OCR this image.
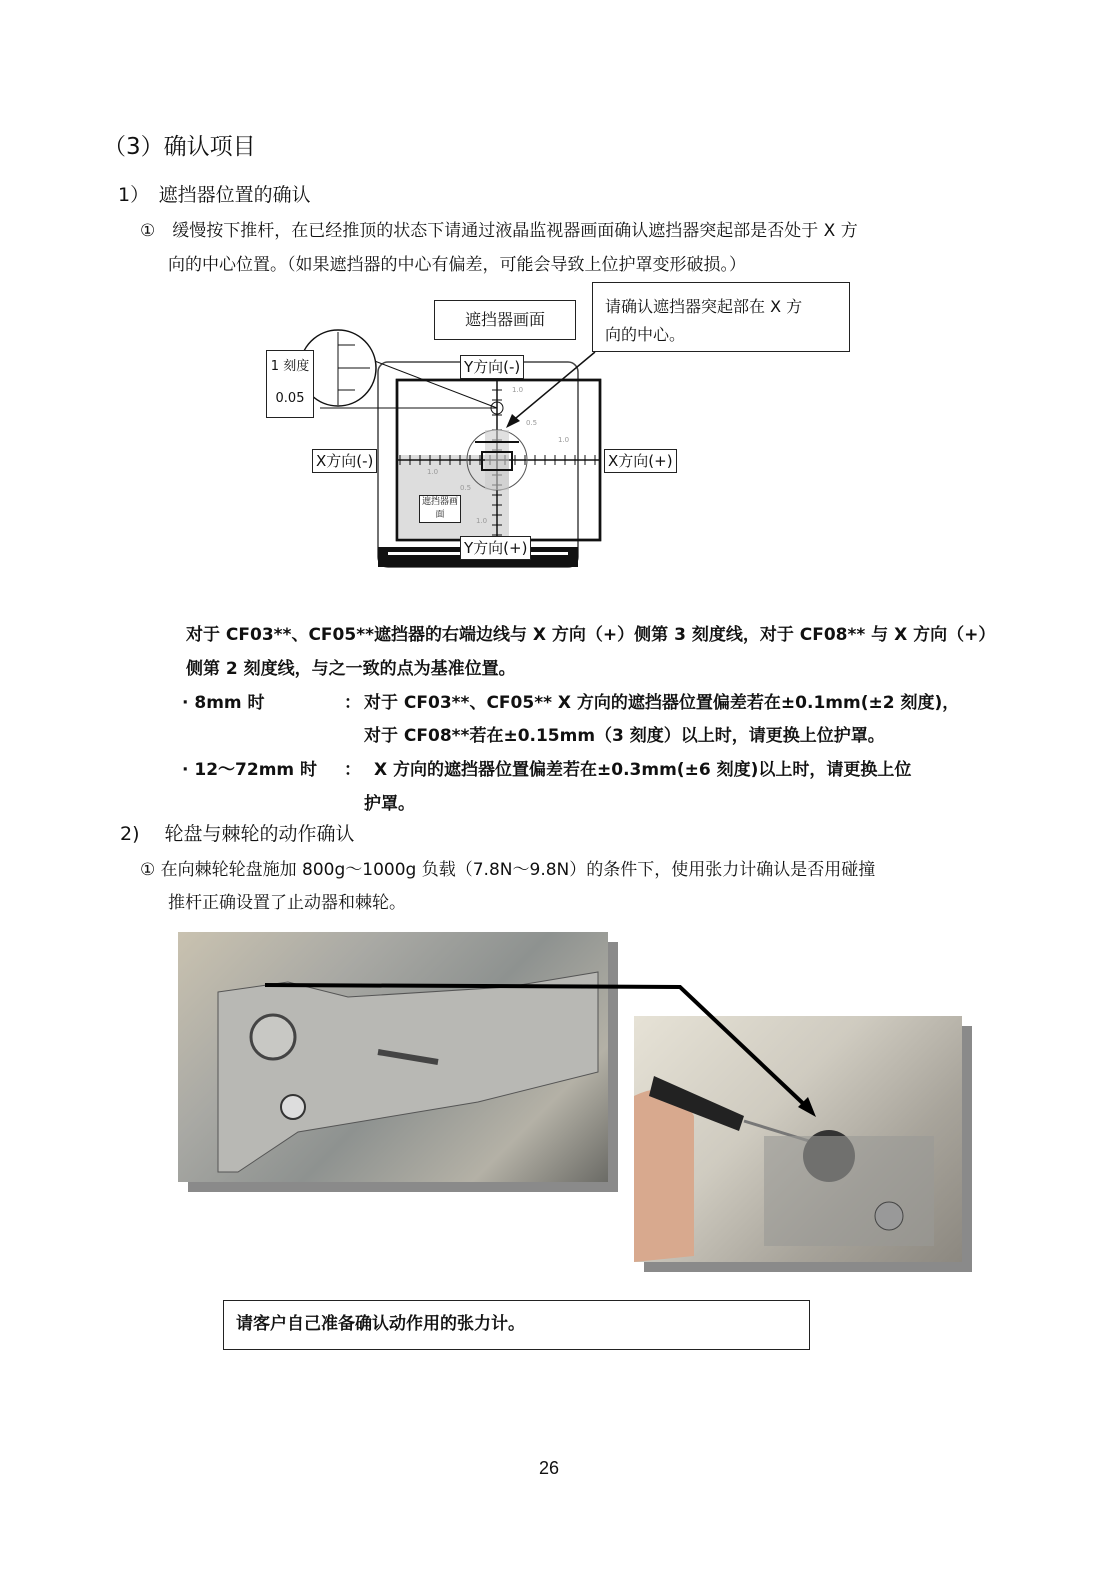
（3）确认项目
1）　遮挡器位置的确认
①　缓慢按下推杆，在已经推顶的状态下请通过液晶监视器画面确认遮挡器突起部是否处于 X 方
向的中心位置。（如果遮挡器的中心有偏差，可能会导致上位护罩变形破损。）
遮挡器画面
请确认遮挡器突起部在 X 方
向的中心。
1 刻度
0.05
Y方向(-)
Y方向(+)
X方向(-)	X方向(+)
遮挡器画面
1.0
0.5
1.0
1.0
0.5
1.0
对于 CF03**、CF05**遮挡器的右端边线与 X 方向（+）侧第 3 刻度线，对于 CF08** 与 X 方向（+）
侧第 2 刻度线，与之一致的点为基准位置。
· 8mm 时	： 对于 CF03**、CF05** X 方向的遮挡器位置偏差若在±0.1mm(±2 刻度)，
对于 CF08**若在±0.15mm（3 刻度）以上时，请更换上位护罩。
· 12～72mm 时 ： X 方向的遮挡器位置偏差若在±0.3mm(±6 刻度)以上时，请更换上位
护罩。
2)　 轮盘与棘轮的动作确认
① 在向棘轮轮盘施加 800g～1000g 负载（7.8N～9.8N）的条件下，使用张力计确认是否用碰撞
推杆正确设置了止动器和棘轮。
请客户自己准备确认动作用的张力计。
26
